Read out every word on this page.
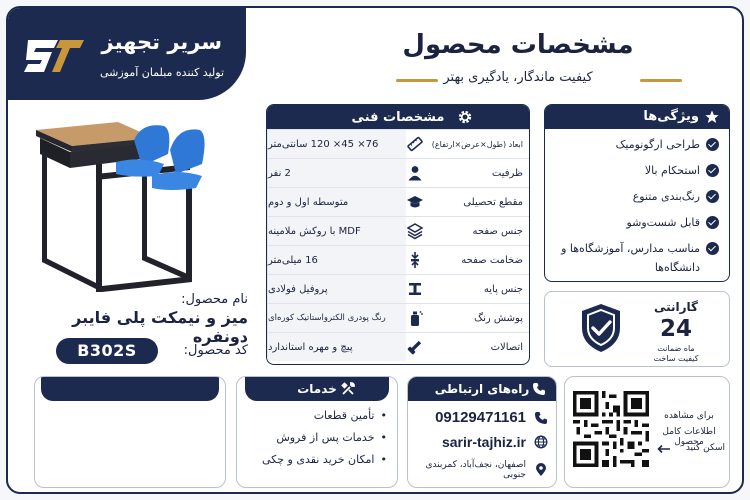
سریر تجهیز
تولید کننده مبلمان آموزشی
مشخصات محصول
کیفیت ماندگار، یادگیری بهتر
نام محصول:
میز و نیمکت پلی فایبر دونفره
B302S	کد محصول:
مشخصات فنی
76× 45× 120 سانتی‌متر	ابعاد (طول×عرض×ارتفاع)
2 نفر	ظرفیت
متوسطه اول و دوم	مقطع تحصیلی
MDF با روکش ملامینه	جنس صفحه
16 میلی‌متر	ضخامت صفحه
پروفیل فولادی	جنس پایه
رنگ پودری الکترواستاتیک کوره‌ای	پوشش رنگ
پیچ و مهره استاندارد	اتصالات
ویژگی‌ها
طراحی ارگونومیک
استحکام بالا
رنگ‌بندی متنوع
قابل شست‌وشو
مناسب مدارس، آموزشگاه‌ها و دانشگاه‌ها
گارانتی
24
ماه ضمانت
کیفیت ساخت
خدمات
• تأمین قطعات
• خدمات پس از فروش
• امکان خرید نقدی و چکی
راه‌های ارتباطی
09129471161
sarir-tajhiz.ir
اصفهان، نجف‌آباد، کمربندی جنوبی
برای مشاهده
اطلاعات کامل محصول
اسکن کنید
